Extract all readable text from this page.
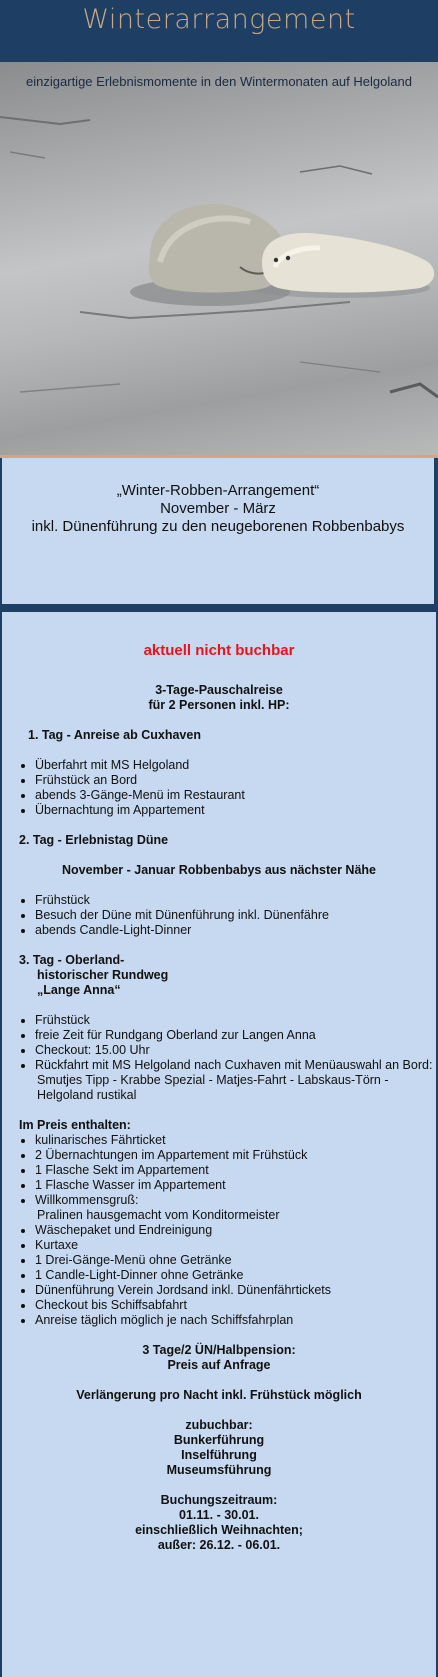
Winterarrangement
einzigartige Erlebnismomente in den Wintermonaten auf Helgoland
„Winter-Robben-Arrangement“
November - März
inkl. Dünenführung zu den neugeborenen Robbenbabys
aktuell nicht buchbar
3-Tage-Pauschalreise
für 2 Personen inkl. HP:
1. Tag - Anreise ab Cuxhaven
• Überfahrt mit MS Helgoland
• Frühstück an Bord
• abends 3-Gänge-Menü im Restaurant
• Übernachtung im Appartement
2. Tag - Erlebnistag Düne
November - Januar Robbenbabys aus nächster Nähe
• Frühstück
• Besuch der Düne mit Dünenführung inkl. Dünenfähre
• abends Candle-Light-Dinner
3. Tag - Oberland-
historischer Rundweg
„Lange Anna“
• Frühstück
• freie Zeit für Rundgang Oberland zur Langen Anna
• Checkout: 15.00 Uhr
• Rückfahrt mit MS Helgoland nach Cuxhaven mit Menüauswahl an Bord:
Smutjes Tipp - Krabbe Spezial - Matjes-Fahrt - Labskaus-Törn -
Helgoland rustikal
Im Preis enthalten:
• kulinarisches Fährticket
• 2 Übernachtungen im Appartement mit Frühstück
• 1 Flasche Sekt im Appartement
• 1 Flasche Wasser im Appartement
• Willkommensgruß:
Pralinen hausgemacht vom Konditormeister
• Wäschepaket und Endreinigung
• Kurtaxe
• 1 Drei-Gänge-Menü ohne Getränke
• 1 Candle-Light-Dinner ohne Getränke
• Dünenführung Verein Jordsand inkl. Dünenfährtickets
• Checkout bis Schiffsabfahrt
• Anreise täglich möglich je nach Schiffsfahrplan
3 Tage/2 ÜN/Halbpension:
Preis auf Anfrage
Verlängerung pro Nacht inkl. Frühstück möglich
zubuchbar:
Bunkerführung
Inselführung
Museumsführung
Buchungszeitraum:
01.11. - 30.01.
einschließlich Weihnachten;
außer: 26.12. - 06.01.
